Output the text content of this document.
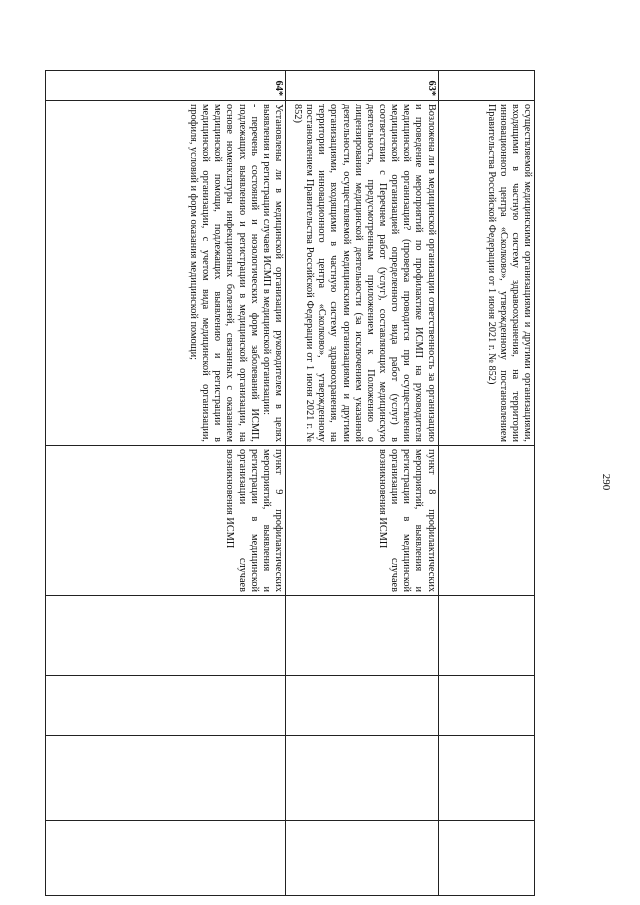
290
	осуществляемой медицинскими организациями и другими организациями, входящими в частную систему здравоохранения, на территории инновационного центра «Сколково», утвержденному постановлением Правительства Российской Федерации от 1 июня 2021 г. № 852)					
63*	Возложена ли в медицинской организации ответственность за организацию и проведение мероприятий по профилактике ИСМП на руководителя медицинской организации? (проверка проводится при осуществлении медицинской организацией определенного вида работ (услуг) в соответствии с Перечнем работ (услуг), составляющих медицинскую деятельность, предусмотренным приложением к Положению о лицензировании медицинской деятельности (за исключением указанной деятельности, осуществляемой медицинскими организациями и другими организациями, входящими в частную систему здравоохранения, на территории инновационного центра «Сколково», утвержденному постановлением Правительства Российской Федерации от 1 июня 2021 г. № 852)	пункт 8 профилактических мероприятий, выявления и регистрации в медицинской организации случаев возникновения ИСМП				
64*	Установлены ли в медицинской организации руководителем в целях выявления и регистрации случаев ИСМП в медицинской организации:

- перечень состояний и нозологических форм заболеваний ИСМП, подлежащих выявлению и регистрации в медицинской организации, на основе номенклатуры инфекционных болезней, связанных с оказанием медицинской помощи, подлежащих выявлению и регистрации в медицинской организации, с учетом вида медицинской организации, профиля, условий и форм оказания медицинской помощи;	пункт 9 профилактических мероприятий, выявления и регистрации в медицинской организации случаев возникновения ИСМП				
